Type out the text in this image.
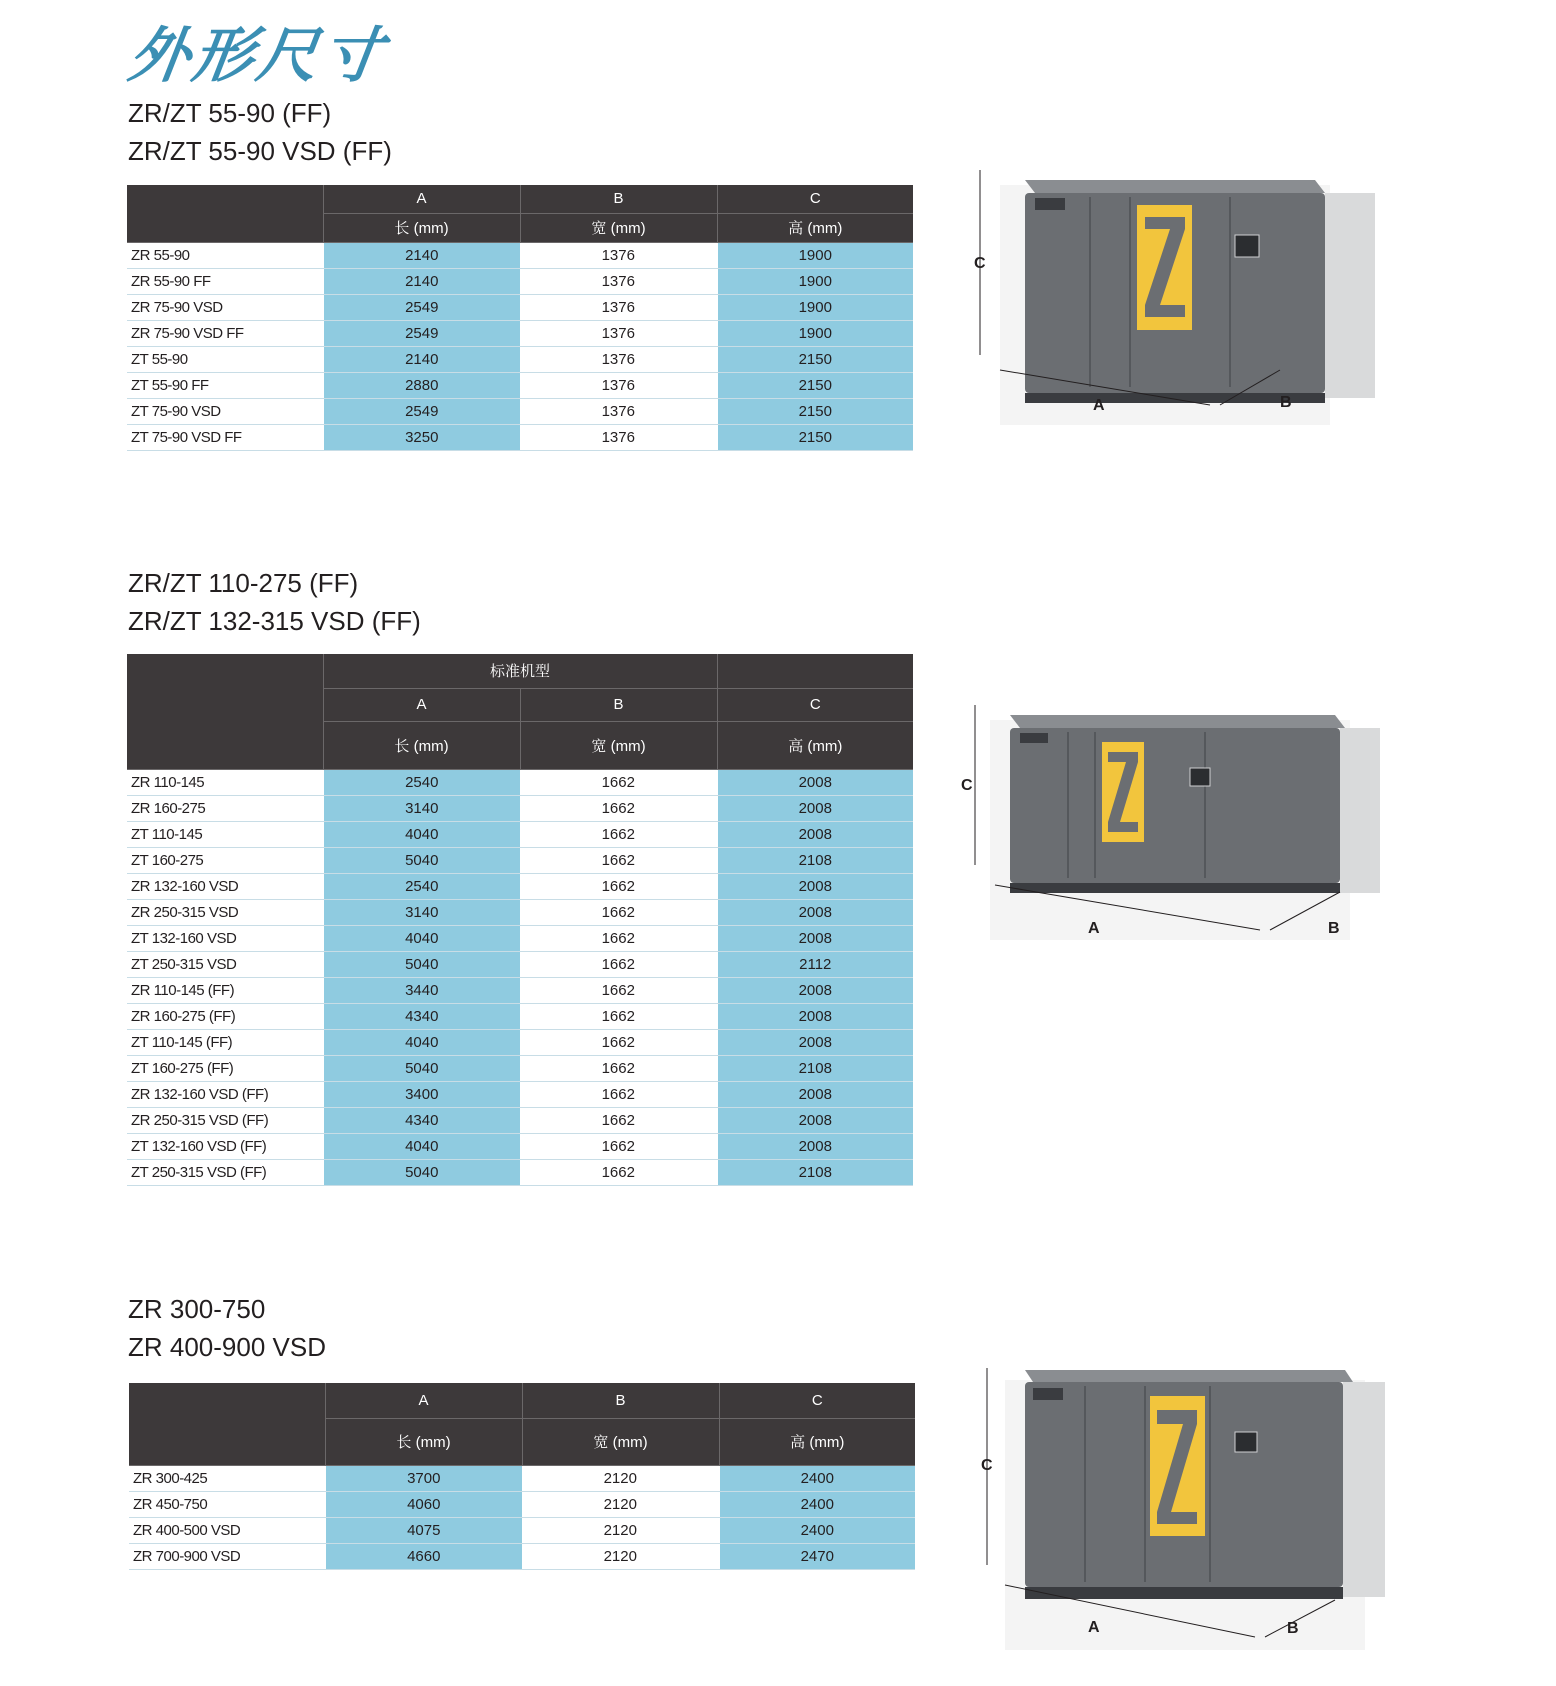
外形尺寸
ZR/ZT 55-90 (FF)
ZR/ZT 55-90 VSD (FF)
	A	B	C
	长 (mm)	宽 (mm)	高 (mm)
ZR 55-90	2140	1376	1900
ZR 55-90 FF	2140	1376	1900
ZR 75-90 VSD	2549	1376	1900
ZR 75-90 VSD FF	2549	1376	1900
ZT 55-90	2140	1376	2150
ZT 55-90 FF	2880	1376	2150
ZT 75-90 VSD	2549	1376	2150
ZT 75-90 VSD FF	3250	1376	2150
C
A	B
ZR/ZT 110-275 (FF)
ZR/ZT 132-315 VSD (FF)
	标准机型		
	A	B	C
	长 (mm)	宽 (mm)	高 (mm)
ZR 110-145	2540	1662	2008
ZR 160-275	3140	1662	2008
ZT 110-145	4040	1662	2008
ZT 160-275	5040	1662	2108
ZR 132-160 VSD	2540	1662	2008
ZR 250-315 VSD	3140	1662	2008
ZT 132-160 VSD	4040	1662	2008
ZT 250-315 VSD	5040	1662	2112
ZR 110-145 (FF)	3440	1662	2008
ZR 160-275 (FF)	4340	1662	2008
ZT 110-145 (FF)	4040	1662	2008
ZT 160-275 (FF)	5040	1662	2108
ZR 132-160 VSD (FF)	3400	1662	2008
ZR 250-315 VSD (FF)	4340	1662	2008
ZT 132-160 VSD (FF)	4040	1662	2008
ZT 250-315 VSD (FF)	5040	1662	2108
C
A	B
ZR 300-750
ZR 400-900 VSD
	A	B	C
	长 (mm)	宽 (mm)	高 (mm)
ZR 300-425	3700	2120	2400
ZR 450-750	4060	2120	2400
ZR 400-500 VSD	4075	2120	2400
ZR 700-900 VSD	4660	2120	2470
C
A	B
